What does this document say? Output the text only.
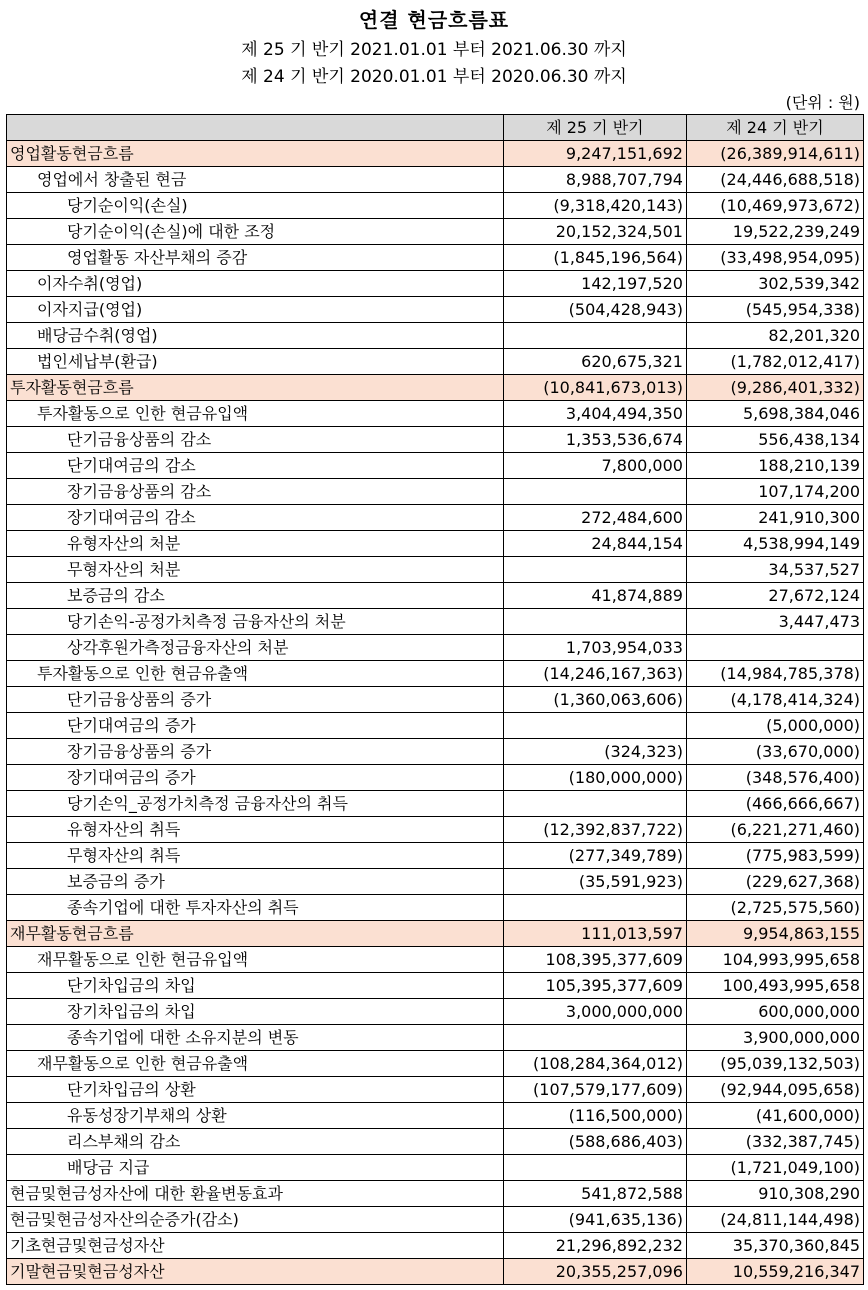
연결 현금흐름표
제 25 기 반기 2021.01.01 부터 2021.06.30 까지
제 24 기 반기 2020.01.01 부터 2020.06.30 까지
(단위 : 원)
	제 25 기 반기	제 24 기 반기
영업활동현금흐름	9,247,151,692	(26,389,914,611)
영업에서 창출된 현금	8,988,707,794	(24,446,688,518)
당기순이익(손실)	(9,318,420,143)	(10,469,973,672)
당기순이익(손실)에 대한 조정	20,152,324,501	19,522,239,249
영업활동 자산부채의 증감	(1,845,196,564)	(33,498,954,095)
이자수취(영업)	142,197,520	302,539,342
이자지급(영업)	(504,428,943)	(545,954,338)
배당금수취(영업)		82,201,320
법인세납부(환급)	620,675,321	(1,782,012,417)
투자활동현금흐름	(10,841,673,013)	(9,286,401,332)
투자활동으로 인한 현금유입액	3,404,494,350	5,698,384,046
단기금융상품의 감소	1,353,536,674	556,438,134
단기대여금의 감소	7,800,000	188,210,139
장기금융상품의 감소		107,174,200
장기대여금의 감소	272,484,600	241,910,300
유형자산의 처분	24,844,154	4,538,994,149
무형자산의 처분		34,537,527
보증금의 감소	41,874,889	27,672,124
당기손익-공정가치측정 금융자산의 처분		3,447,473
상각후원가측정금융자산의 처분	1,703,954,033	
투자활동으로 인한 현금유출액	(14,246,167,363)	(14,984,785,378)
단기금융상품의 증가	(1,360,063,606)	(4,178,414,324)
단기대여금의 증가		(5,000,000)
장기금융상품의 증가	(324,323)	(33,670,000)
장기대여금의 증가	(180,000,000)	(348,576,400)
당기손익_공정가치측정 금융자산의 취득		(466,666,667)
유형자산의 취득	(12,392,837,722)	(6,221,271,460)
무형자산의 취득	(277,349,789)	(775,983,599)
보증금의 증가	(35,591,923)	(229,627,368)
종속기업에 대한 투자자산의 취득		(2,725,575,560)
재무활동현금흐름	111,013,597	9,954,863,155
재무활동으로 인한 현금유입액	108,395,377,609	104,993,995,658
단기차입금의 차입	105,395,377,609	100,493,995,658
장기차입금의 차입	3,000,000,000	600,000,000
종속기업에 대한 소유지분의 변동		3,900,000,000
재무활동으로 인한 현금유출액	(108,284,364,012)	(95,039,132,503)
단기차입금의 상환	(107,579,177,609)	(92,944,095,658)
유동성장기부채의 상환	(116,500,000)	(41,600,000)
리스부채의 감소	(588,686,403)	(332,387,745)
배당금 지급		(1,721,049,100)
현금및현금성자산에 대한 환율변동효과	541,872,588	910,308,290
현금및현금성자산의순증가(감소)	(941,635,136)	(24,811,144,498)
기초현금및현금성자산	21,296,892,232	35,370,360,845
기말현금및현금성자산	20,355,257,096	10,559,216,347
